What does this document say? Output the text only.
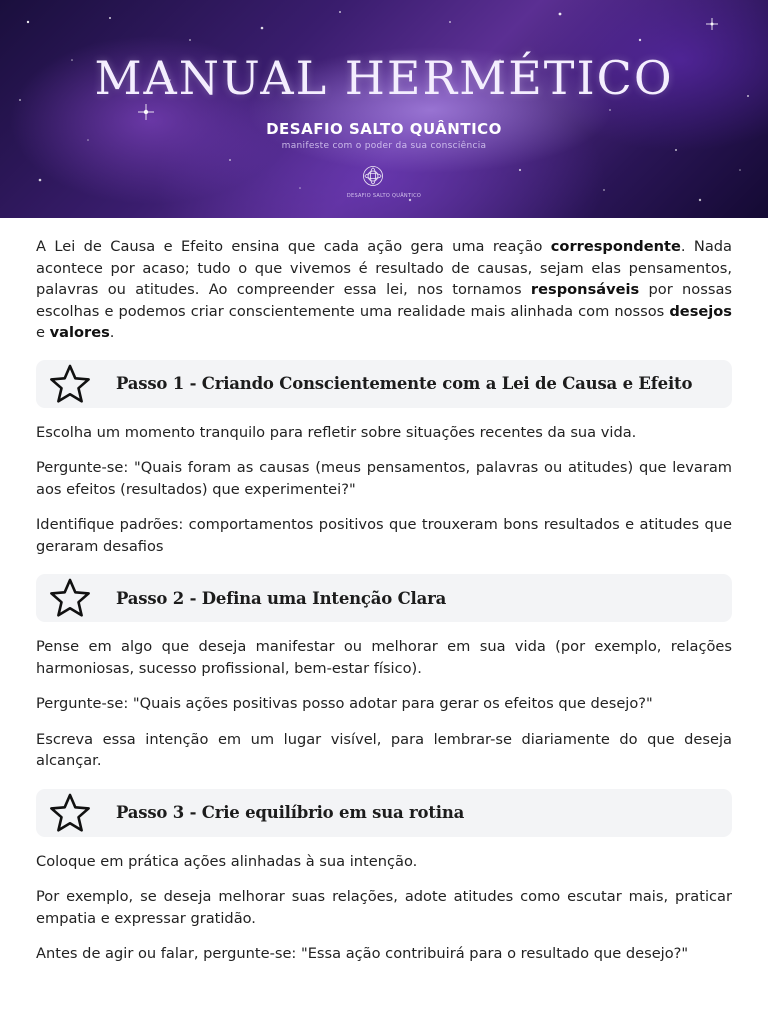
MANUAL HERMÉTICO
DESAFIO SALTO QUÂNTICO
manifeste com o poder da sua consciência
DESAFIO SALTO QUÂNTICO

A Lei de Causa e Efeito ensina que cada ação gera uma reação correspondente. Nada acontece por acaso; tudo o que vivemos é resultado de causas, sejam elas pensamentos, palavras ou atitudes. Ao compreender essa lei, nos tornamos responsáveis por nossas escolhas e podemos criar conscientemente uma realidade mais alinhada com nossos desejos e valores.

Passo 1 - Criando Conscientemente com a Lei de Causa e Efeito

Escolha um momento tranquilo para refletir sobre situações recentes da sua vida.

Pergunte-se: "Quais foram as causas (meus pensamentos, palavras ou atitudes) que levaram aos efeitos (resultados) que experimentei?"

Identifique padrões: comportamentos positivos que trouxeram bons resultados e atitudes que geraram desafios

Passo 2 - Defina uma Intenção Clara

Pense em algo que deseja manifestar ou melhorar em sua vida (por exemplo, relações harmoniosas, sucesso profissional, bem-estar físico).

Pergunte-se: "Quais ações positivas posso adotar para gerar os efeitos que desejo?"

Escreva essa intenção em um lugar visível, para lembrar-se diariamente do que deseja alcançar.

Passo 3 - Crie equilíbrio em sua rotina

Coloque em prática ações alinhadas à sua intenção.

Por exemplo, se deseja melhorar suas relações, adote atitudes como escutar mais, praticar empatia e expressar gratidão.

Antes de agir ou falar, pergunte-se: "Essa ação contribuirá para o resultado que desejo?"
